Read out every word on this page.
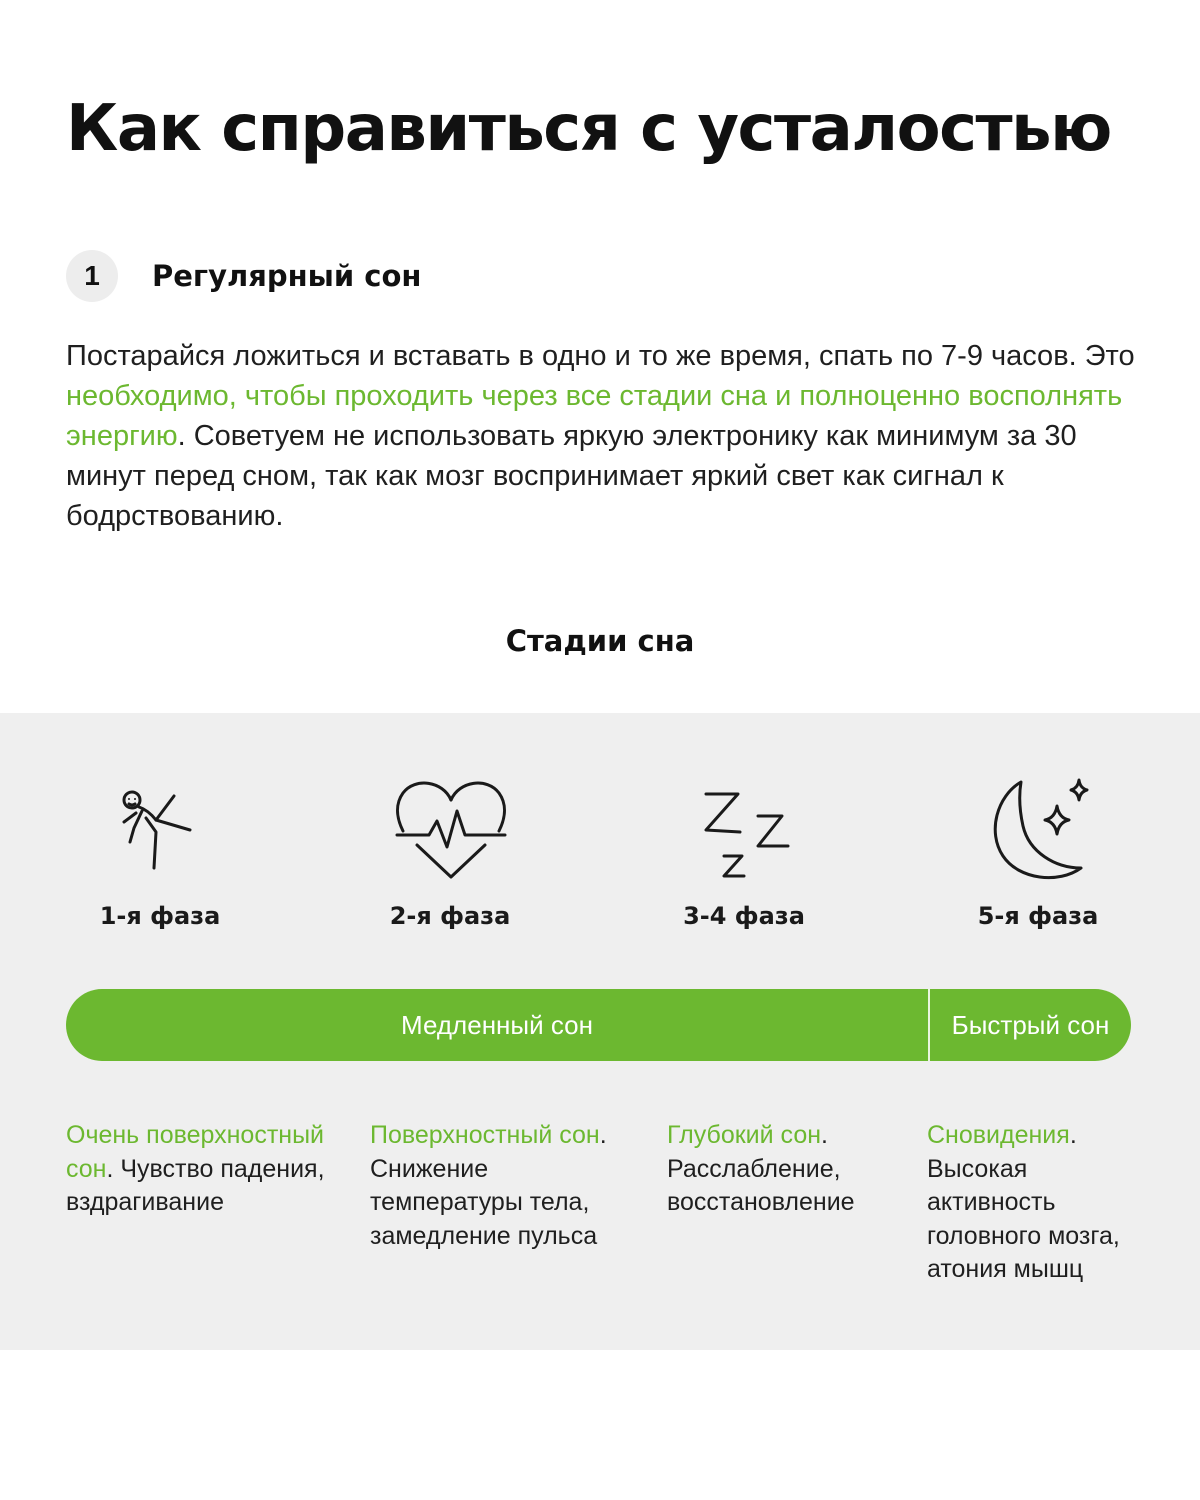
Как справиться с усталостью
1	Регулярный сон

Постарайся ложиться и вставать в одно и то же время, спать по 7-9 часов. Это необходимо, чтобы проходить через все стадии сна и полноценно восполнять энергию. Советуем не использовать яркую электронику как минимум за 30 минут перед сном, так как мозг воспринимает яркий свет как сигнал к бодрствованию.

Стадии сна
1-я фаза	2-я фаза	3-4 фаза	5-я фаза
Медленный сон	Быстрый сон
Очень поверхностный сон. Чувство падения, вздрагивание
Поверхностный сон. Снижение температуры тела, замедление пульса
Глубокий сон. Расслабление, восстановление
Сновидения. Высокая активность головного мозга, атония мышц
